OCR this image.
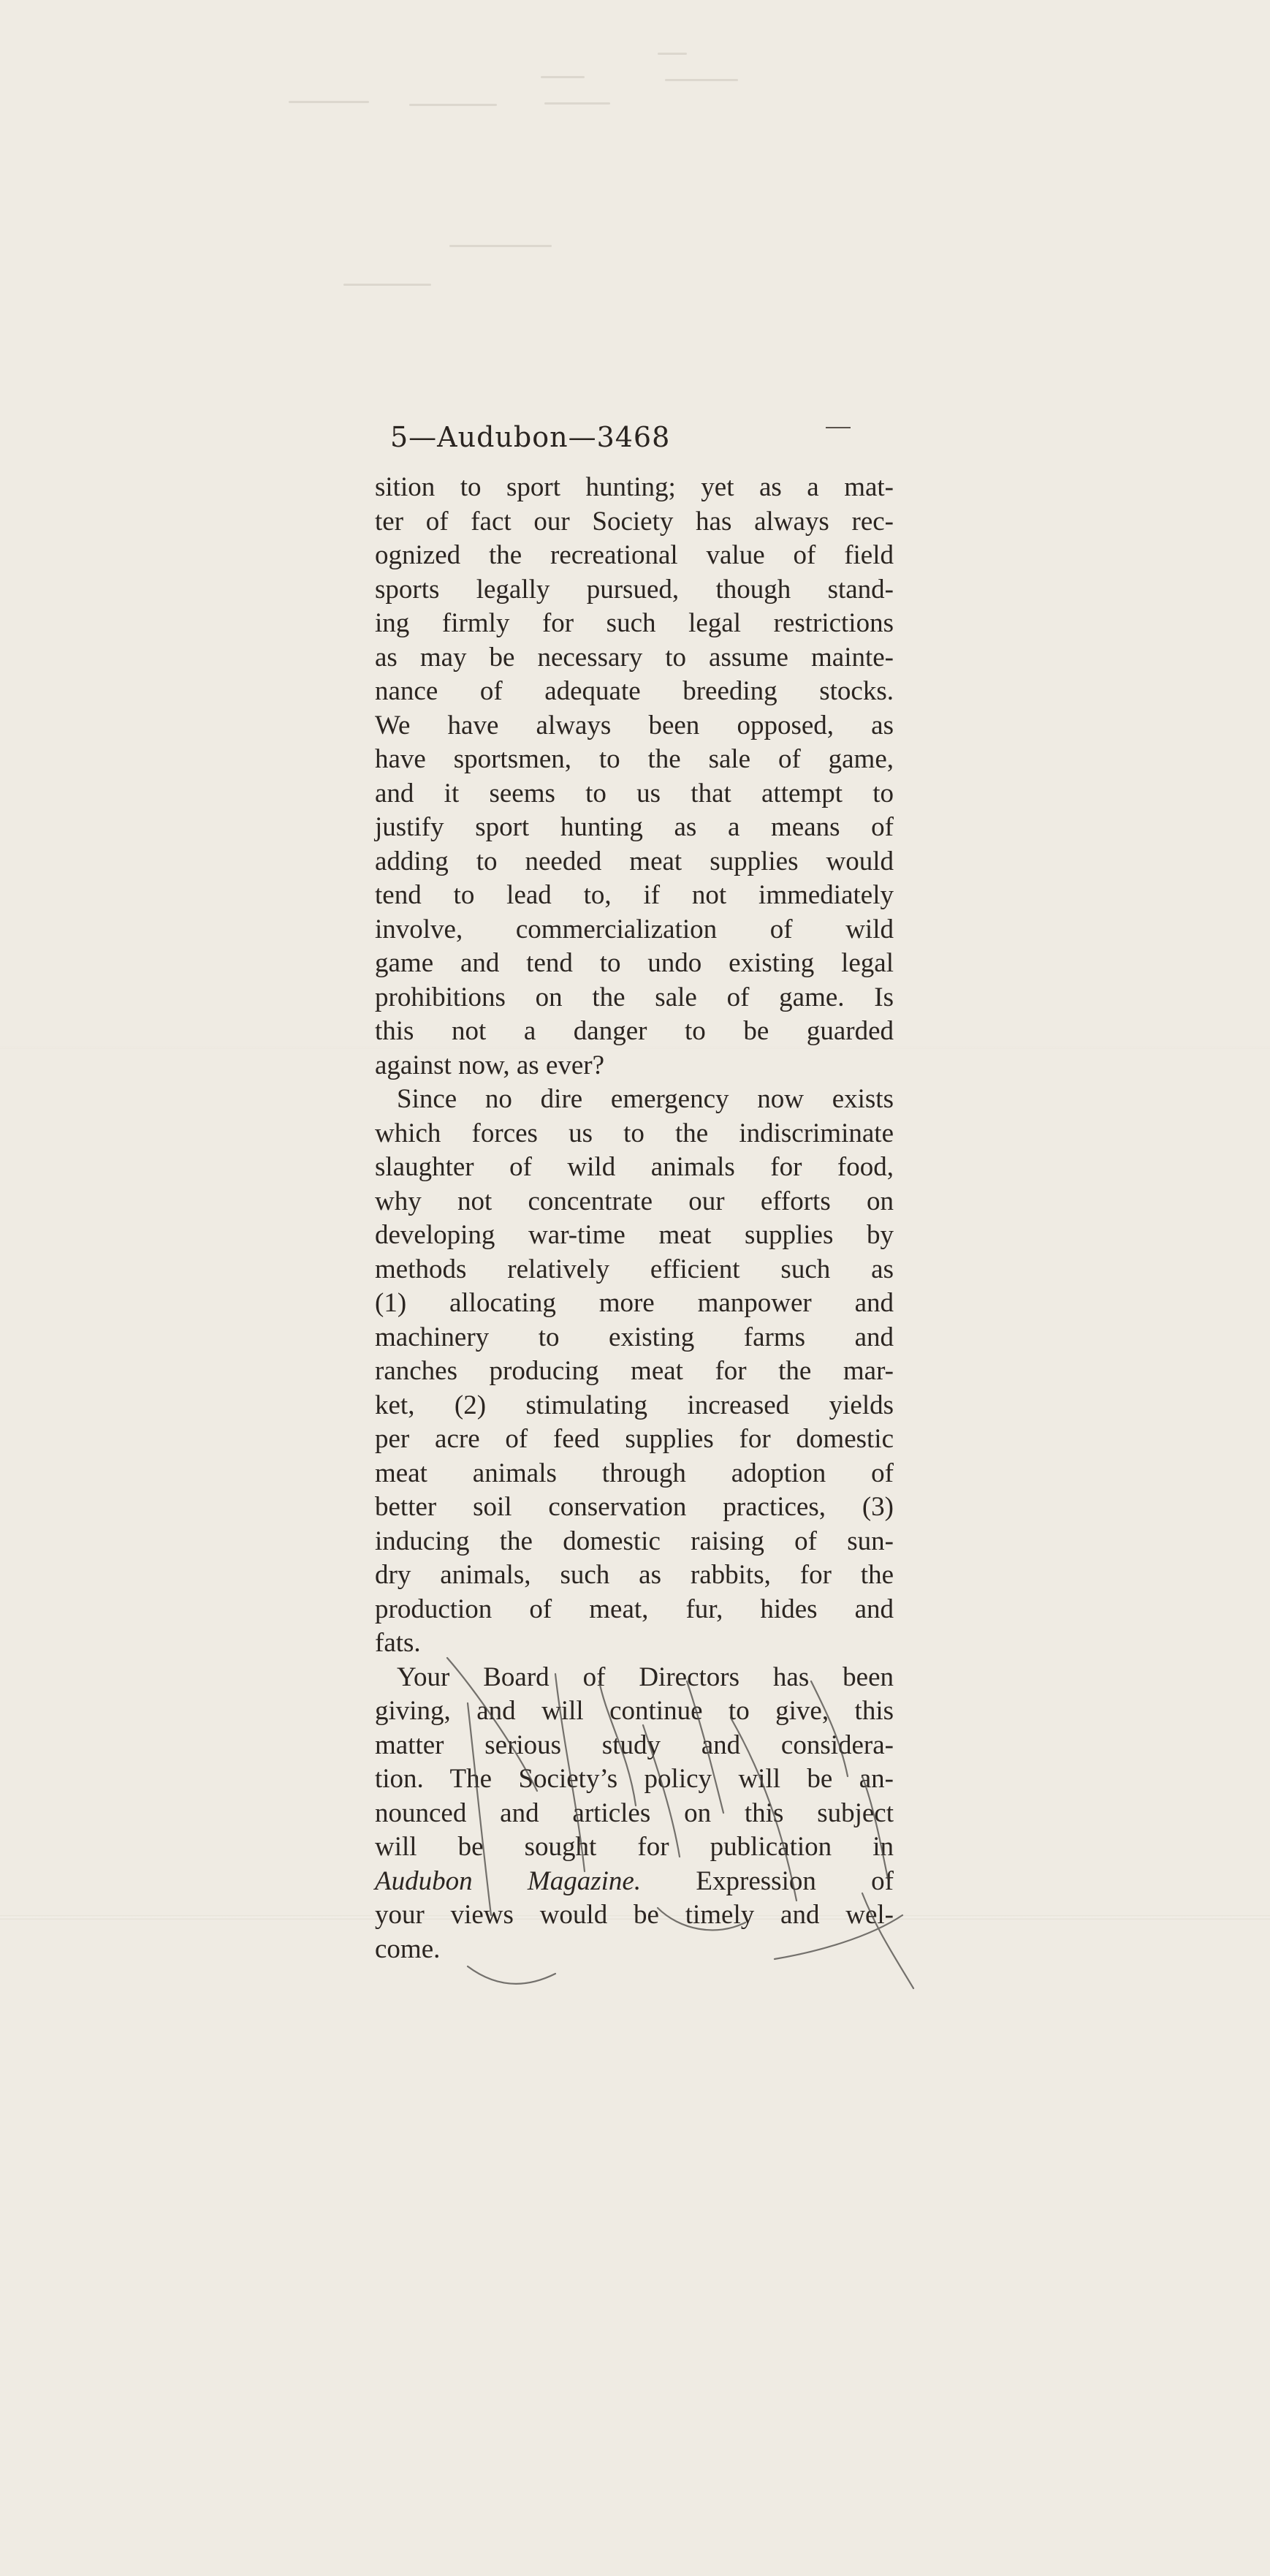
5—Audubon—3468
sition to sport hunting; yet as a mat-
ter of fact our Society has always rec-
ognized the recreational value of field
sports legally pursued, though stand-
ing firmly for such legal restrictions
as may be necessary to assume mainte-
nance of adequate breeding stocks.
We have always been opposed, as
have sportsmen, to the sale of game,
and it seems to us that attempt to
justify sport hunting as a means of
adding to needed meat supplies would
tend to lead to, if not immediately
involve, commercialization of wild
game and tend to undo existing legal
prohibitions on the sale of game. Is
this not a danger to be guarded
against now, as ever?
Since no dire emergency now exists
which forces us to the indiscriminate
slaughter of wild animals for food,
why not concentrate our efforts on
developing war-time meat supplies by
methods relatively efficient such as
(1) allocating more manpower and
machinery to existing farms and
ranches producing meat for the mar-
ket, (2) stimulating increased yields
per acre of feed supplies for domestic
meat animals through adoption of
better soil conservation practices, (3)
inducing the domestic raising of sun-
dry animals, such as rabbits, for the
production of meat, fur, hides and
fats.
Your Board of Directors has been
giving, and will continue to give, this
matter serious study and considera-
tion. The Society’s policy will be an-
nounced and articles on this subject
will be sought for publication in
Audubon Magazine. Expression of
your views would be timely and wel-
come.
